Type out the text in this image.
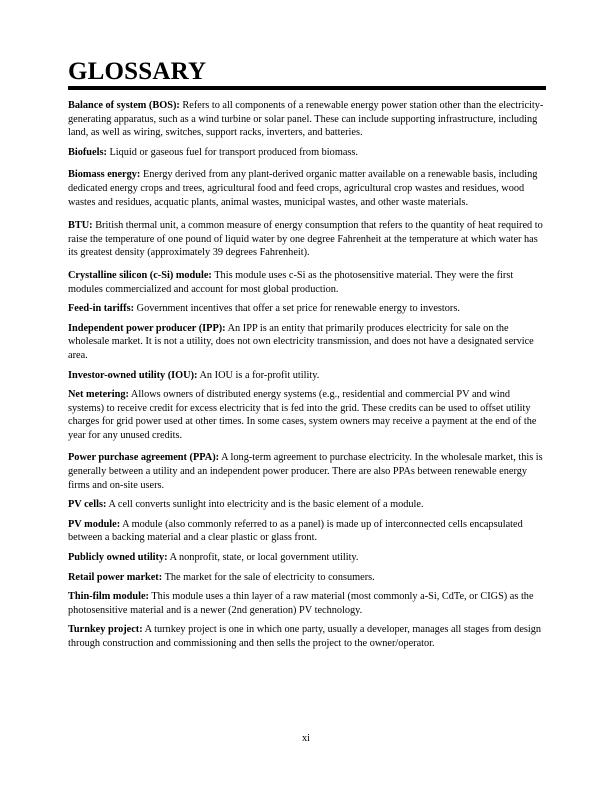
GLOSSARY

Balance of system (BOS): Refers to all components of a renewable energy power station other than the electricity-generating apparatus, such as a wind turbine or solar panel. These can include supporting infrastructure, including land, as well as wiring, switches, support racks, inverters, and batteries.

Biofuels: Liquid or gaseous fuel for transport produced from biomass.

Biomass energy: Energy derived from any plant-derived organic matter available on a renewable basis, including dedicated energy crops and trees, agricultural food and feed crops, agricultural crop wastes and residues, wood wastes and residues, acquatic plants, animal wastes, municipal wastes, and other waste materials.

BTU: British thermal unit, a common measure of energy consumption that refers to the quantity of heat required to raise the temperature of one pound of liquid water by one degree Fahrenheit at the temperature at which water has its greatest density (approximately 39 degrees Fahrenheit).

Crystalline silicon (c-Si) module: This module uses c-Si as the photosensitive material. They were the first modules commercialized and account for most global production.

Feed-in tariffs: Government incentives that offer a set price for renewable energy to investors.

Independent power producer (IPP): An IPP is an entity that primarily produces electricity for sale on the wholesale market. It is not a utility, does not own electricity transmission, and does not have a designated service area.

Investor-owned utility (IOU): An IOU is a for-profit utility.

Net metering: Allows owners of distributed energy systems (e.g., residential and commercial PV and wind systems) to receive credit for excess electricity that is fed into the grid. These credits can be used to offset utility charges for grid power used at other times. In some cases, system owners may receive a payment at the end of the year for any unused credits.

Power purchase agreement (PPA): A long-term agreement to purchase electricity. In the wholesale market, this is generally between a utility and an independent power producer. There are also PPAs between renewable energy firms and on-site users.

PV cells: A cell converts sunlight into electricity and is the basic element of a module.

PV module: A module (also commonly referred to as a panel) is made up of interconnected cells encapsulated between a backing material and a clear plastic or glass front.

Publicly owned utility: A nonprofit, state, or local government utility.

Retail power market: The market for the sale of electricity to consumers.

Thin-film module: This module uses a thin layer of a raw material (most commonly a-Si, CdTe, or CIGS) as the photosensitive material and is a newer (2nd generation) PV technology.

Turnkey project: A turnkey project is one in which one party, usually a developer, manages all stages from design through construction and commissioning and then sells the project to the owner/operator.

xi
